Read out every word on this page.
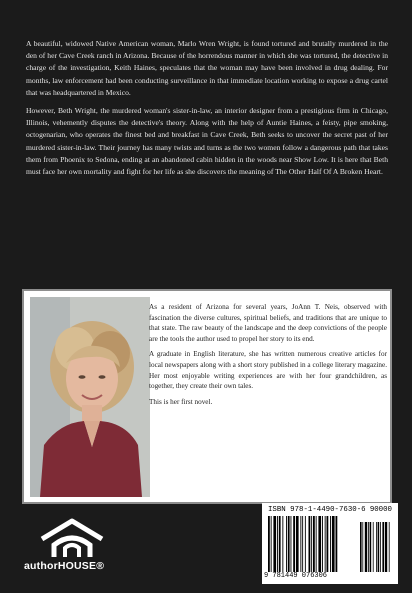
A beautiful, widowed Native American woman, Marlo Wren Wright, is found tortured and brutally murdered in the den of her Cave Creek ranch in Arizona. Because of the horrendous manner in which she was tortured, the detective in charge of the investigation, Keith Haines, speculates that the woman may have been involved in drug dealing. For months, law enforcement had been conducting surveillance in that immediate location working to expose a drug cartel that was headquartered in Mexico.

However, Beth Wright, the murdered woman's sister-in-law, an interior designer from a prestigious firm in Chicago, Illinois, vehemently disputes the detective's theory. Along with the help of Auntie Haines, a feisty, pipe smoking, octogenarian, who operates the finest bed and breakfast in Cave Creek, Beth seeks to uncover the secret past of her murdered sister-in-law. Their journey has many twists and turns as the two women follow a dangerous path that takes them from Phoenix to Sedona, ending at an abandoned cabin hidden in the woods near Show Low. It is here that Beth must face her own mortality and fight for her life as she discovers the meaning of The Other Half Of A Broken Heart.

As a resident of Arizona for several years, JoAnn T. Neis, observed with fascination the diverse cultures, spiritual beliefs, and traditions that are unique to that state. The raw beauty of the landscape and the deep convictions of the people are the tools the author used to propel her story to its end.

A graduate in English literature, she has written numerous creative articles for local newspapers along with a short story published in a college literary magazine. Her most enjoyable writing experiences are with her four grandchildren, as together, they create their own tales.

This is her first novel.

authorHOUSE®
ISBN 978-1-4490-7630-6 90000
9 781449 076306
